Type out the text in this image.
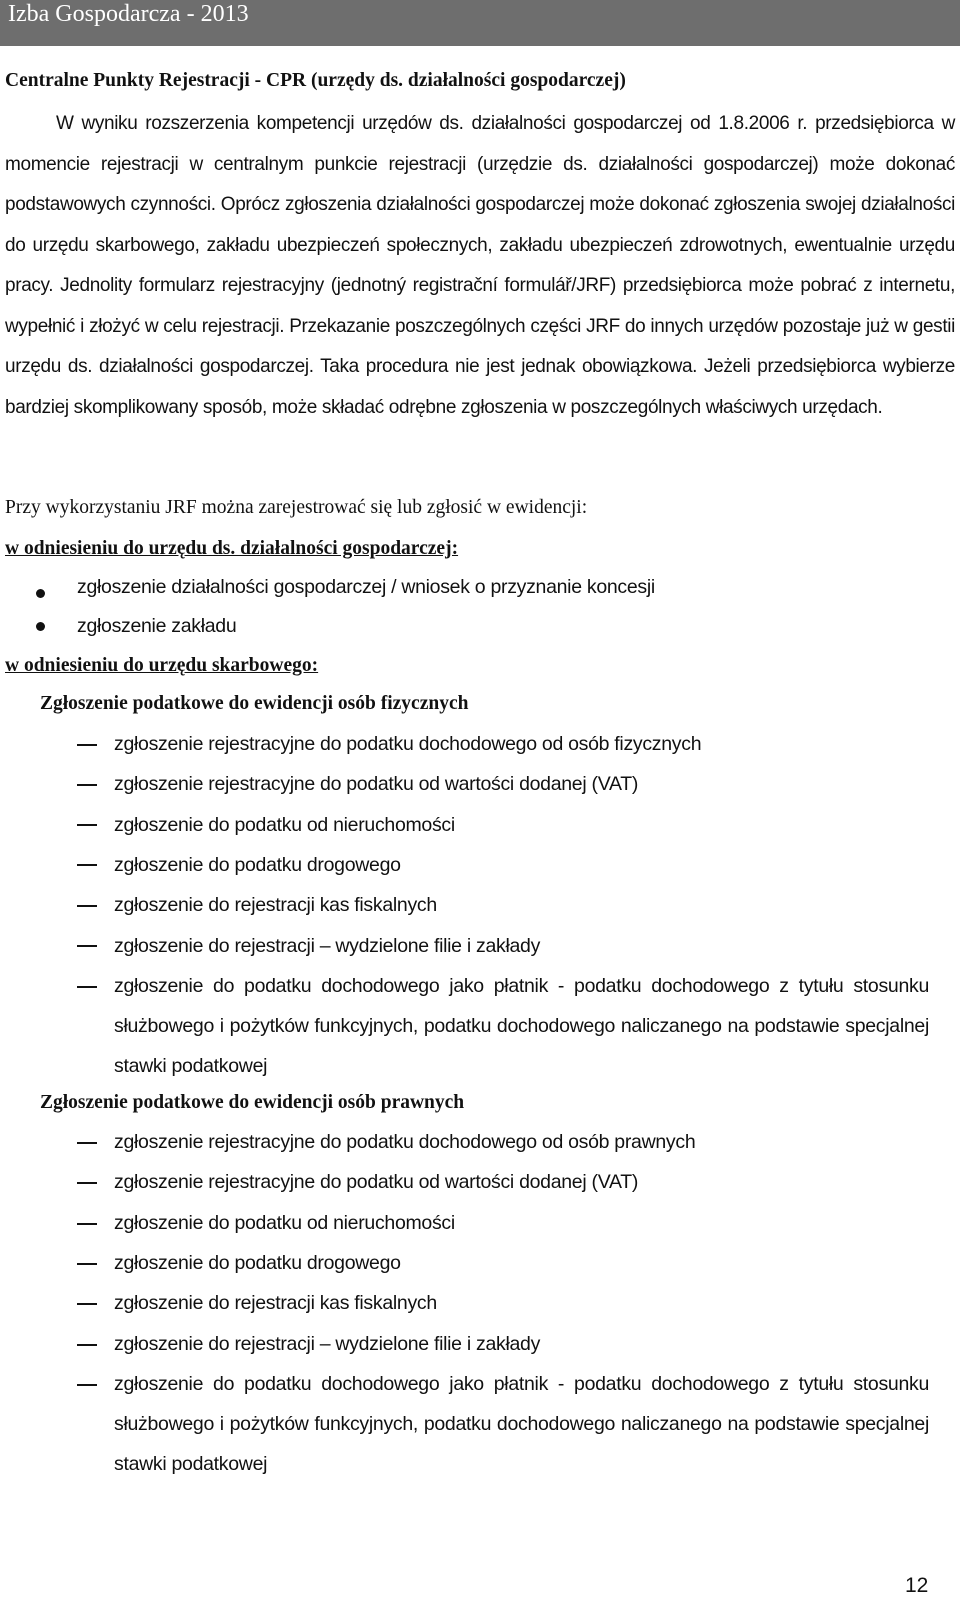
Izba Gospodarcza - 2013
Centralne Punkty Rejestracji - CPR (urzędy ds. działalności gospodarczej)

W wyniku rozszerzenia kompetencji urzędów ds. działalności gospodarczej od 1.8.2006 r. przedsiębiorca w momencie rejestracji w centralnym punkcie rejestracji (urzędzie ds. działalności gospodarczej) może dokonać podstawowych czynności. Oprócz zgłoszenia działalności gospodarczej może dokonać zgłoszenia swojej działalności do urzędu skarbowego, zakładu ubezpieczeń społecznych, zakładu ubezpieczeń zdrowotnych, ewentualnie urzędu pracy. Jednolity formularz rejestracyjny (jednotný registrační formulář/JRF) przedsiębiorca może pobrać z internetu, wypełnić i złożyć w celu rejestracji. Przekazanie poszczególnych części JRF do innych urzędów pozostaje już w gestii urzędu ds. działalności gospodarczej. Taka procedura nie jest jednak obowiązkowa. Jeżeli przedsiębiorca wybierze bardziej skomplikowany sposób, może składać odrębne zgłoszenia w poszczególnych właściwych urzędach.

Przy wykorzystaniu JRF można zarejestrować się lub zgłosić w ewidencji:
w odniesieniu do urzędu ds. działalności gospodarczej:
zgłoszenie działalności gospodarczej / wniosek o przyznanie koncesji
zgłoszenie zakładu
w odniesieniu do urzędu skarbowego:
Zgłoszenie podatkowe do ewidencji osób fizycznych

zgłoszenie rejestracyjne do podatku dochodowego od osób fizycznych

zgłoszenie rejestracyjne do podatku od wartości dodanej (VAT)

zgłoszenie do podatku od nieruchomości

zgłoszenie do podatku drogowego

zgłoszenie do rejestracji kas fiskalnych

zgłoszenie do rejestracji – wydzielone filie i zakłady

zgłoszenie do podatku dochodowego jako płatnik - podatku dochodowego z tytułu stosunku służbowego i pożytków funkcyjnych, podatku dochodowego naliczanego na podstawie specjalnej stawki podatkowej

Zgłoszenie podatkowe do ewidencji osób prawnych

zgłoszenie rejestracyjne do podatku dochodowego od osób prawnych

zgłoszenie rejestracyjne do podatku od wartości dodanej (VAT)

zgłoszenie do podatku od nieruchomości

zgłoszenie do podatku drogowego

zgłoszenie do rejestracji kas fiskalnych

zgłoszenie do rejestracji – wydzielone filie i zakłady

zgłoszenie do podatku dochodowego jako płatnik - podatku dochodowego z tytułu stosunku służbowego i pożytków funkcyjnych, podatku dochodowego naliczanego na podstawie specjalnej stawki podatkowej

12
